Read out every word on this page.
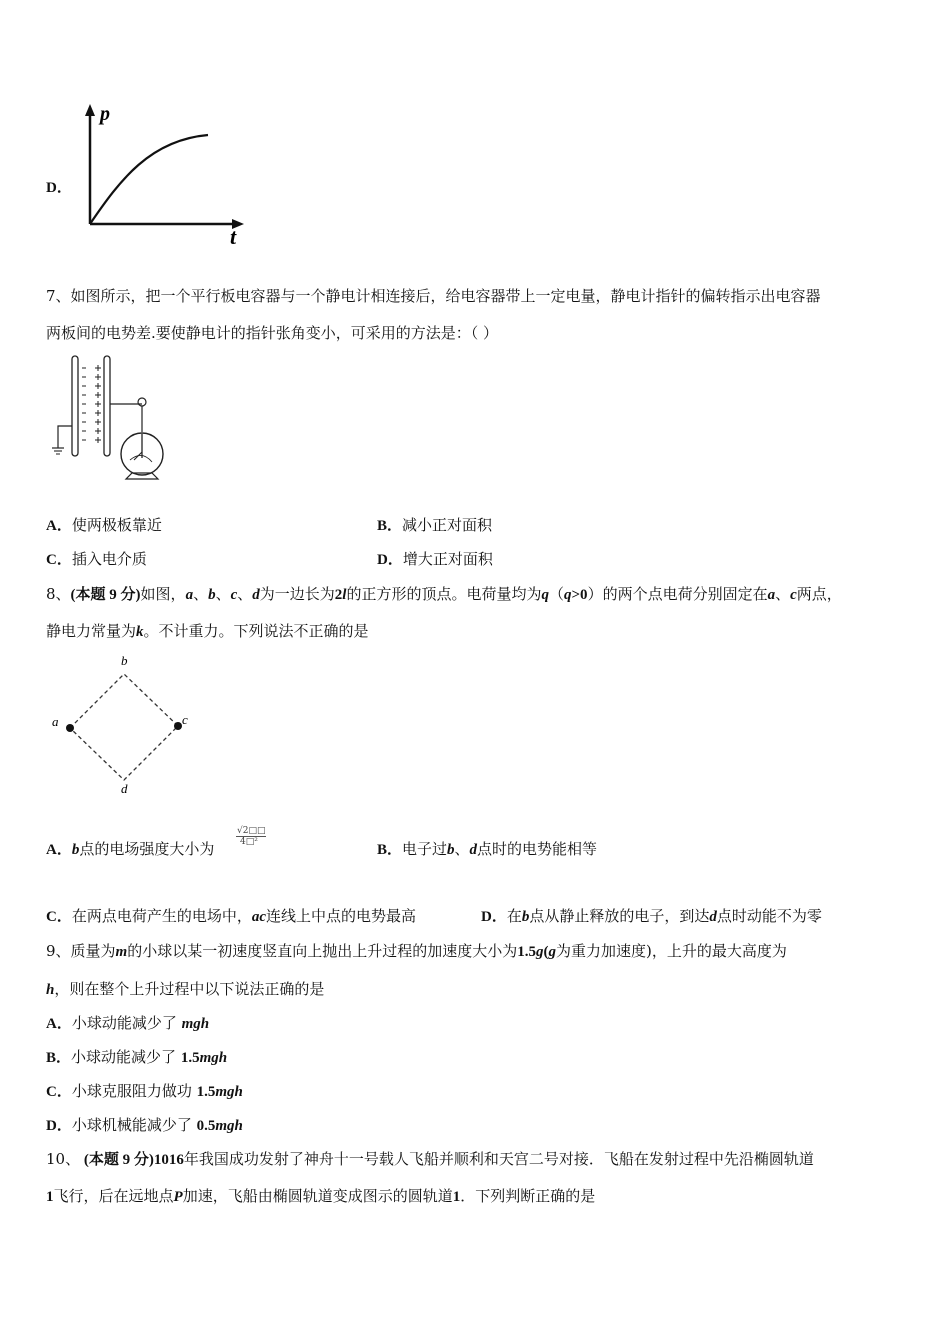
D．
p
t
7、如图所示，把一个平行板电容器与一个静电计相连接后，给电容器带上一定电量，静电计指针的偏转指示出电容器
两板间的电势差.要使静电计的指针张角变小，可采用的方法是：（ ）
A．使两极板靠近	B．减小正对面积
C．插入电介质	D．增大正对面积
8、(本题 9 分)如图，a、b、c、d为一边长为2l的正方形的顶点。电荷量均为q（q>0）的两个点电荷分别固定在a、c两点，
静电力常量为k。不计重力。下列说法不正确的是
a
b
c
d
A．b点的电场强度大小为
$\frac{√2□□}{\text{4□²}}$
B．电子过b、d点时的电势能相等
C．在两点电荷产生的电场中，ac连线上中点的电势最高	D．在b点从静止释放的电子，到达d点时动能不为零
9、质量为m的小球以某一初速度竖直向上抛出上升过程的加速度大小为1.5g(g为重力加速度)，上升的最大高度为
h，则在整个上升过程中以下说法正确的是
A．小球动能减少了 mgh
B．小球动能减少了 1.5mgh
C．小球克服阻力做功 1.5mgh
D．小球机械能减少了 0.5mgh
10、 (本题 9 分)1016年我国成功发射了神舟十一号载人飞船并顺利和天宫二号对接．飞船在发射过程中先沿椭圆轨道
1飞行，后在远地点P加速，飞船由椭圆轨道变成图示的圆轨道1．下列判断正确的是
